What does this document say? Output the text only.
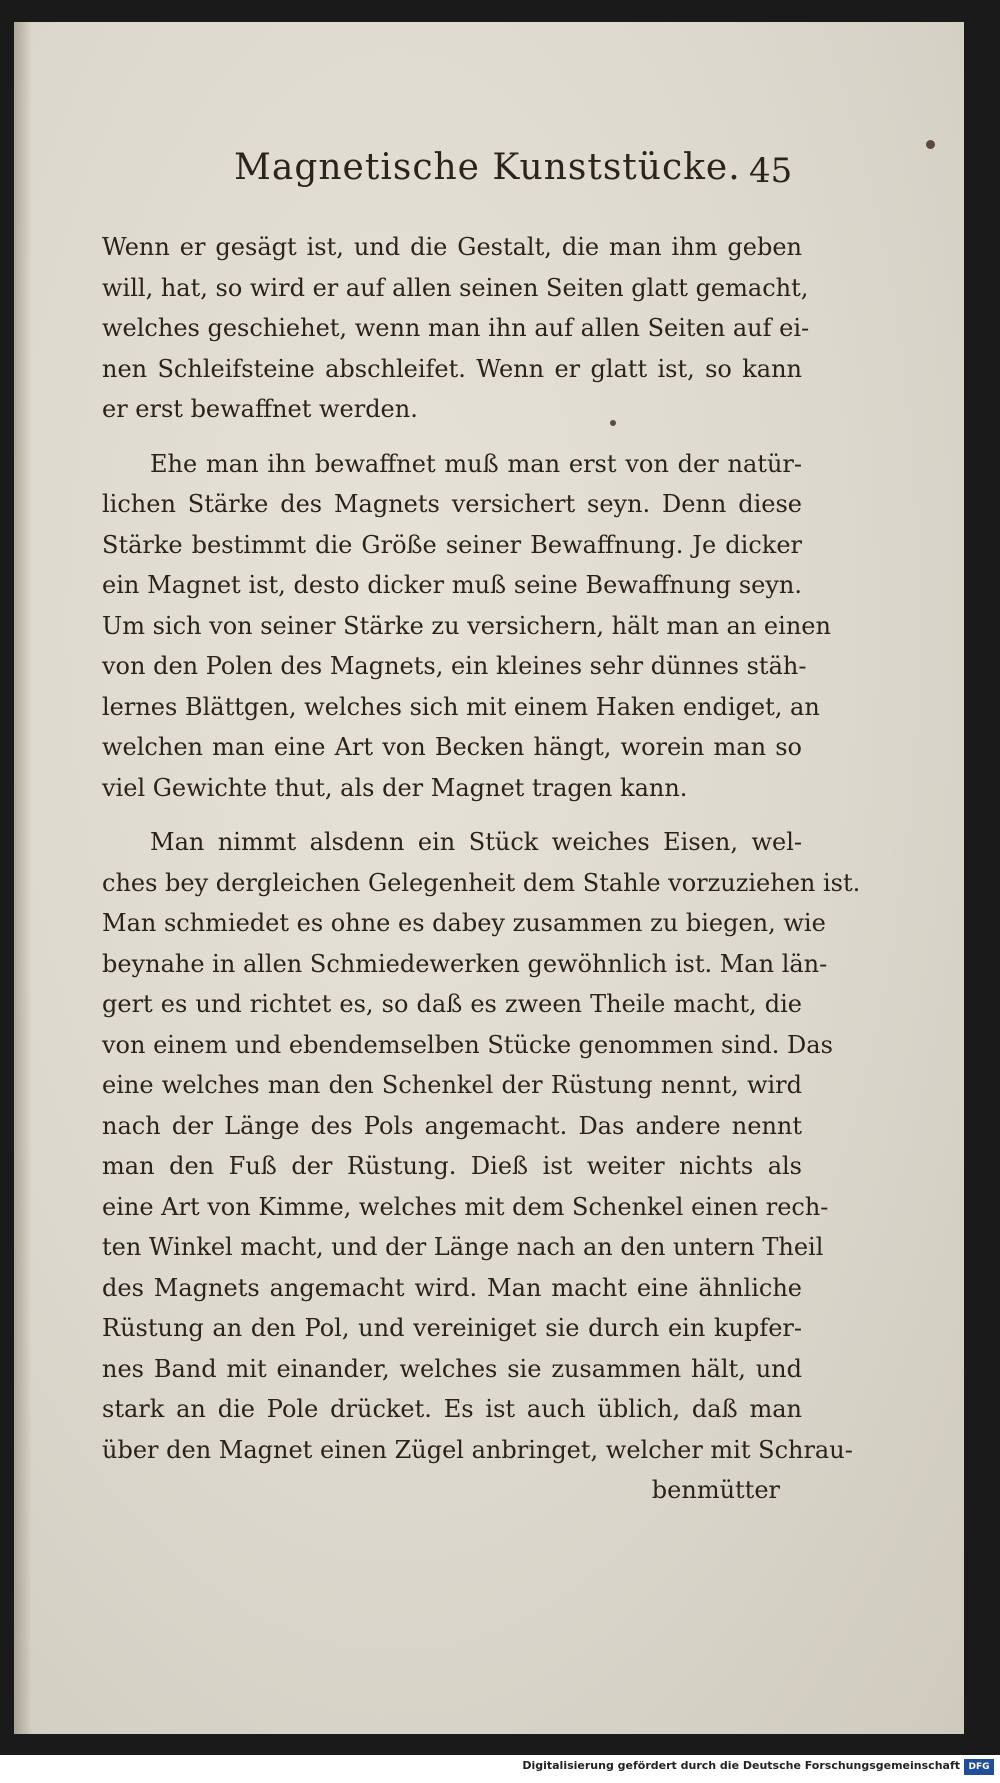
Magnetische Kunststücke. 45
Wenn er gesägt ist, und die Gestalt, die man ihm geben
will, hat, so wird er auf allen seinen Seiten glatt gemacht,
welches geschiehet, wenn man ihn auf allen Seiten auf ei-
nen Schleifsteine abschleifet. Wenn er glatt ist, so kann
er erst bewaffnet werden.
Ehe man ihn bewaffnet muß man erst von der natür-
lichen Stärke des Magnets versichert seyn. Denn diese
Stärke bestimmt die Größe seiner Bewaffnung. Je dicker
ein Magnet ist, desto dicker muß seine Bewaffnung seyn.
Um sich von seiner Stärke zu versichern, hält man an einen
von den Polen des Magnets, ein kleines sehr dünnes stäh-
lernes Blättgen, welches sich mit einem Haken endiget, an
welchen man eine Art von Becken hängt, worein man so
viel Gewichte thut, als der Magnet tragen kann.
Man nimmt alsdenn ein Stück weiches Eisen, wel-
ches bey dergleichen Gelegenheit dem Stahle vorzuziehen ist.
Man schmiedet es ohne es dabey zusammen zu biegen, wie
beynahe in allen Schmiedewerken gewöhnlich ist. Man län-
gert es und richtet es, so daß es zween Theile macht, die
von einem und ebendemselben Stücke genommen sind. Das
eine welches man den Schenkel der Rüstung nennt, wird
nach der Länge des Pols angemacht. Das andere nennt
man den Fuß der Rüstung. Dieß ist weiter nichts als
eine Art von Kimme, welches mit dem Schenkel einen rech-
ten Winkel macht, und der Länge nach an den untern Theil
des Magnets angemacht wird. Man macht eine ähnliche
Rüstung an den Pol, und vereiniget sie durch ein kupfer-
nes Band mit einander, welches sie zusammen hält, und
stark an die Pole drücket. Es ist auch üblich, daß man
über den Magnet einen Zügel anbringet, welcher mit Schrau-
benmütter
Digitalisierung gefördert durch die Deutsche Forschungsgemeinschaft DFG
